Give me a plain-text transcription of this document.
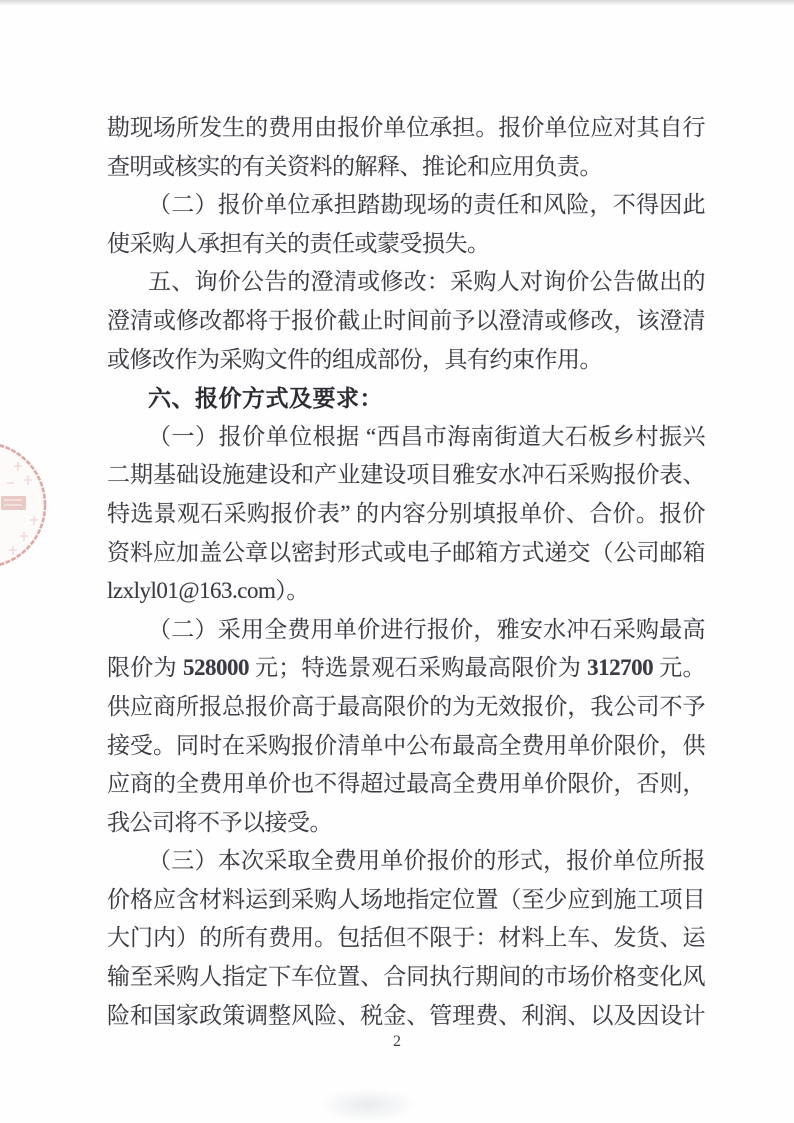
勘现场所发生的费用由报价单位承担。报价单位应对其自行
查明或核实的有关资料的解释、推论和应用负责。
（二）报价单位承担踏勘现场的责任和风险，不得因此
使采购人承担有关的责任或蒙受损失。
五、询价公告的澄清或修改：采购人对询价公告做出的
澄清或修改都将于报价截止时间前予以澄清或修改，该澄清
或修改作为采购文件的组成部份，具有约束作用。
六、报价方式及要求：
（一）报价单位根据 “西昌市海南街道大石板乡村振兴
二期基础设施建设和产业建设项目雅安水冲石采购报价表、
特选景观石采购报价表” 的内容分别填报单价、合价。报价
资料应加盖公章以密封形式或电子邮箱方式递交（公司邮箱
lzxlyl01@163.com）。
（二）采用全费用单价进行报价，雅安水冲石采购最高
限价为 528000 元；特选景观石采购最高限价为 312700 元。
供应商所报总报价高于最高限价的为无效报价，我公司不予
接受。同时在采购报价清单中公布最高全费用单价限价，供
应商的全费用单价也不得超过最高全费用单价限价，否则，
我公司将不予以接受。
（三）本次采取全费用单价报价的形式，报价单位所报
价格应含材料运到采购人场地指定位置（至少应到施工项目
大门内）的所有费用。包括但不限于：材料上车、发货、运
输至采购人指定下车位置、合同执行期间的市场价格变化风
险和国家政策调整风险、税金、管理费、利润、以及因设计
2
